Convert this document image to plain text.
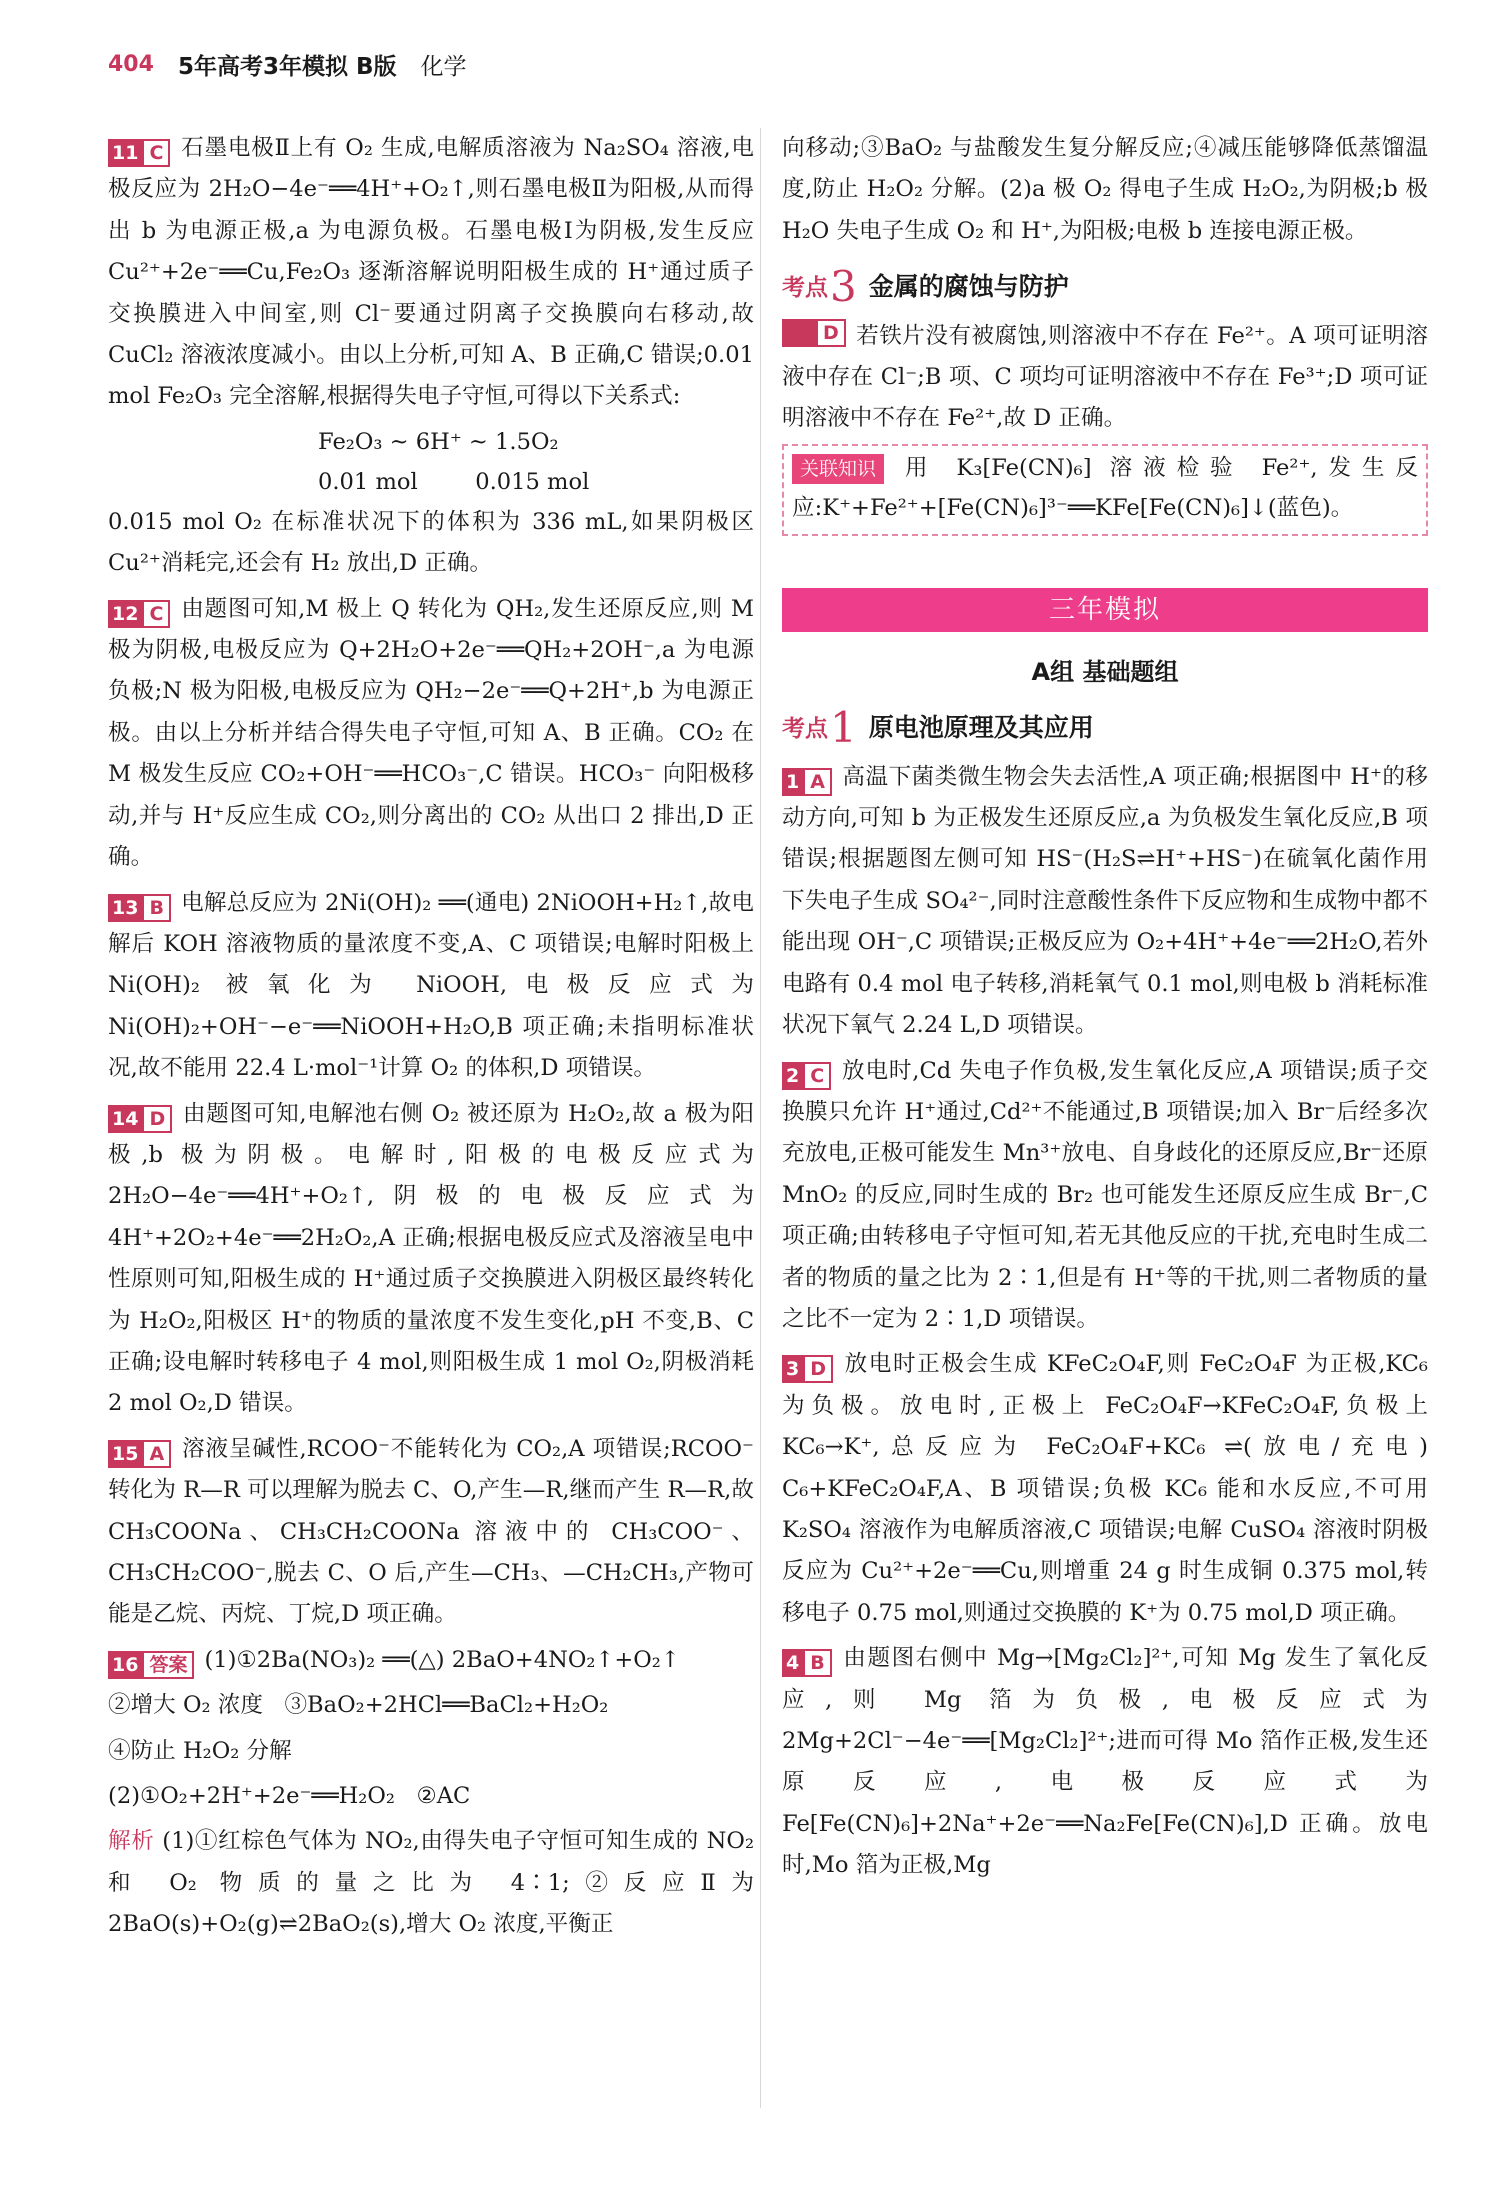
404 5年高考3年模拟 B版 化学

11 C 石墨电极Ⅱ上有 O₂ 生成,电解质溶液为 Na₂SO₄ 溶液,电极反应为 2H₂O−4e⁻══4H⁺+O₂↑,则石墨电极Ⅱ为阳极,从而得出 b 为电源正极,a 为电源负极。石墨电极Ⅰ为阴极,发生反应 Cu²⁺+2e⁻══Cu,Fe₂O₃ 逐渐溶解说明阳极生成的 H⁺通过质子交换膜进入中间室,则 Cl⁻要通过阴离子交换膜向右移动,故 CuCl₂ 溶液浓度减小。由以上分析,可知 A、B 正确,C 错误;0.01 mol Fe₂O₃ 完全溶解,根据得失电子守恒,可得以下关系式:

Fe₂O₃ ~ 6H⁺ ~ 1.5O₂

0.01 mol        0.015 mol

0.015 mol O₂ 在标准状况下的体积为 336 mL,如果阴极区 Cu²⁺消耗完,还会有 H₂ 放出,D 正确。

12 C 由题图可知,M 极上 Q 转化为 QH₂,发生还原反应,则 M 极为阴极,电极反应为 Q+2H₂O+2e⁻══QH₂+2OH⁻,a 为电源负极;N 极为阳极,电极反应为 QH₂−2e⁻══Q+2H⁺,b 为电源正极。由以上分析并结合得失电子守恒,可知 A、B 正确。CO₂ 在 M 极发生反应 CO₂+OH⁻══HCO₃⁻,C 错误。HCO₃⁻ 向阳极移动,并与 H⁺反应生成 CO₂,则分离出的 CO₂ 从出口 2 排出,D 正确。

13 B 电解总反应为 2Ni(OH)₂ ══(通电) 2NiOOH+H₂↑,故电解后 KOH 溶液物质的量浓度不变,A、C 项错误;电解时阳极上 Ni(OH)₂ 被氧化为 NiOOH,电极反应式为 Ni(OH)₂+OH⁻−e⁻══NiOOH+H₂O,B 项正确;未指明标准状况,故不能用 22.4 L·mol⁻¹计算 O₂ 的体积,D 项错误。

14 D 由题图可知,电解池右侧 O₂ 被还原为 H₂O₂,故 a 极为阳极,b 极为阴极。电解时,阳极的电极反应式为 2H₂O−4e⁻══4H⁺+O₂↑,阴极的电极反应式为 4H⁺+2O₂+4e⁻══2H₂O₂,A 正确;根据电极反应式及溶液呈电中性原则可知,阳极生成的 H⁺通过质子交换膜进入阴极区最终转化为 H₂O₂,阳极区 H⁺的物质的量浓度不发生变化,pH 不变,B、C 正确;设电解时转移电子 4 mol,则阳极生成 1 mol O₂,阴极消耗 2 mol O₂,D 错误。

15 A 溶液呈碱性,RCOO⁻不能转化为 CO₂,A 项错误;RCOO⁻转化为 R—R 可以理解为脱去 C、O,产生—R,继而产生 R—R,故 CH₃COONa、CH₃CH₂COONa 溶液中的 CH₃COO⁻、CH₃CH₂COO⁻,脱去 C、O 后,产生—CH₃、—CH₂CH₃,产物可能是乙烷、丙烷、丁烷,D 项正确。

16 答案 (1)①2Ba(NO₃)₂ ══(△) 2BaO+4NO₂↑+O₂↑

②增大 O₂ 浓度   ③BaO₂+2HCl══BaCl₂+H₂O₂

④防止 H₂O₂ 分解

(2)①O₂+2H⁺+2e⁻══H₂O₂   ②AC

解析 (1)①红棕色气体为 NO₂,由得失电子守恒可知生成的 NO₂ 和 O₂ 物质的量之比为 4∶1;②反应Ⅱ为 2BaO(s)+O₂(g)⇌2BaO₂(s),增大 O₂ 浓度,平衡正

向移动;③BaO₂ 与盐酸发生复分解反应;④减压能够降低蒸馏温度,防止 H₂O₂ 分解。(2)a 极 O₂ 得电子生成 H₂O₂,为阴极;b 极 H₂O 失电子生成 O₂ 和 H⁺,为阳极;电极 b 连接电源正极。

考点3 金属的腐蚀与防护

D 若铁片没有被腐蚀,则溶液中不存在 Fe²⁺。A 项可证明溶液中存在 Cl⁻;B 项、C 项均可证明溶液中不存在 Fe³⁺;D 项可证明溶液中不存在 Fe²⁺,故 D 正确。

关联知识 用 K₃[Fe(CN)₆] 溶液检验 Fe²⁺,发生反应:K⁺+Fe²⁺+[Fe(CN)₆]³⁻══KFe[Fe(CN)₆]↓(蓝色)。
三年模拟
A组 基础题组
考点1 原电池原理及其应用

1 A 高温下菌类微生物会失去活性,A 项正确;根据图中 H⁺的移动方向,可知 b 为正极发生还原反应,a 为负极发生氧化反应,B 项错误;根据题图左侧可知 HS⁻(H₂S⇌H⁺+HS⁻)在硫氧化菌作用下失电子生成 SO₄²⁻,同时注意酸性条件下反应物和生成物中都不能出现 OH⁻,C 项错误;正极反应为 O₂+4H⁺+4e⁻══2H₂O,若外电路有 0.4 mol 电子转移,消耗氧气 0.1 mol,则电极 b 消耗标准状况下氧气 2.24 L,D 项错误。

2 C 放电时,Cd 失电子作负极,发生氧化反应,A 项错误;质子交换膜只允许 H⁺通过,Cd²⁺不能通过,B 项错误;加入 Br⁻后经多次充放电,正极可能发生 Mn³⁺放电、自身歧化的还原反应,Br⁻还原 MnO₂ 的反应,同时生成的 Br₂ 也可能发生还原反应生成 Br⁻,C 项正确;由转移电子守恒可知,若无其他反应的干扰,充电时生成二者的物质的量之比为 2∶1,但是有 H⁺等的干扰,则二者物质的量之比不一定为 2∶1,D 项错误。

3 D 放电时正极会生成 KFeC₂O₄F,则 FeC₂O₄F 为正极,KC₆ 为负极。放电时,正极上 FeC₂O₄F→KFeC₂O₄F,负极上 KC₆→K⁺,总反应为 FeC₂O₄F+KC₆ ⇌(放电/充电) C₆+KFeC₂O₄F,A、B 项错误;负极 KC₆ 能和水反应,不可用 K₂SO₄ 溶液作为电解质溶液,C 项错误;电解 CuSO₄ 溶液时阴极反应为 Cu²⁺+2e⁻══Cu,则增重 24 g 时生成铜 0.375 mol,转移电子 0.75 mol,则通过交换膜的 K⁺为 0.75 mol,D 项正确。

4 B 由题图右侧中 Mg→[Mg₂Cl₂]²⁺,可知 Mg 发生了氧化反应,则 Mg 箔为负极,电极反应式为 2Mg+2Cl⁻−4e⁻══[Mg₂Cl₂]²⁺;进而可得 Mo 箔作正极,发生还原反应,电极反应式为 Fe[Fe(CN)₆]+2Na⁺+2e⁻══Na₂Fe[Fe(CN)₆],D 正确。放电时,Mo 箔为正极,Mg
